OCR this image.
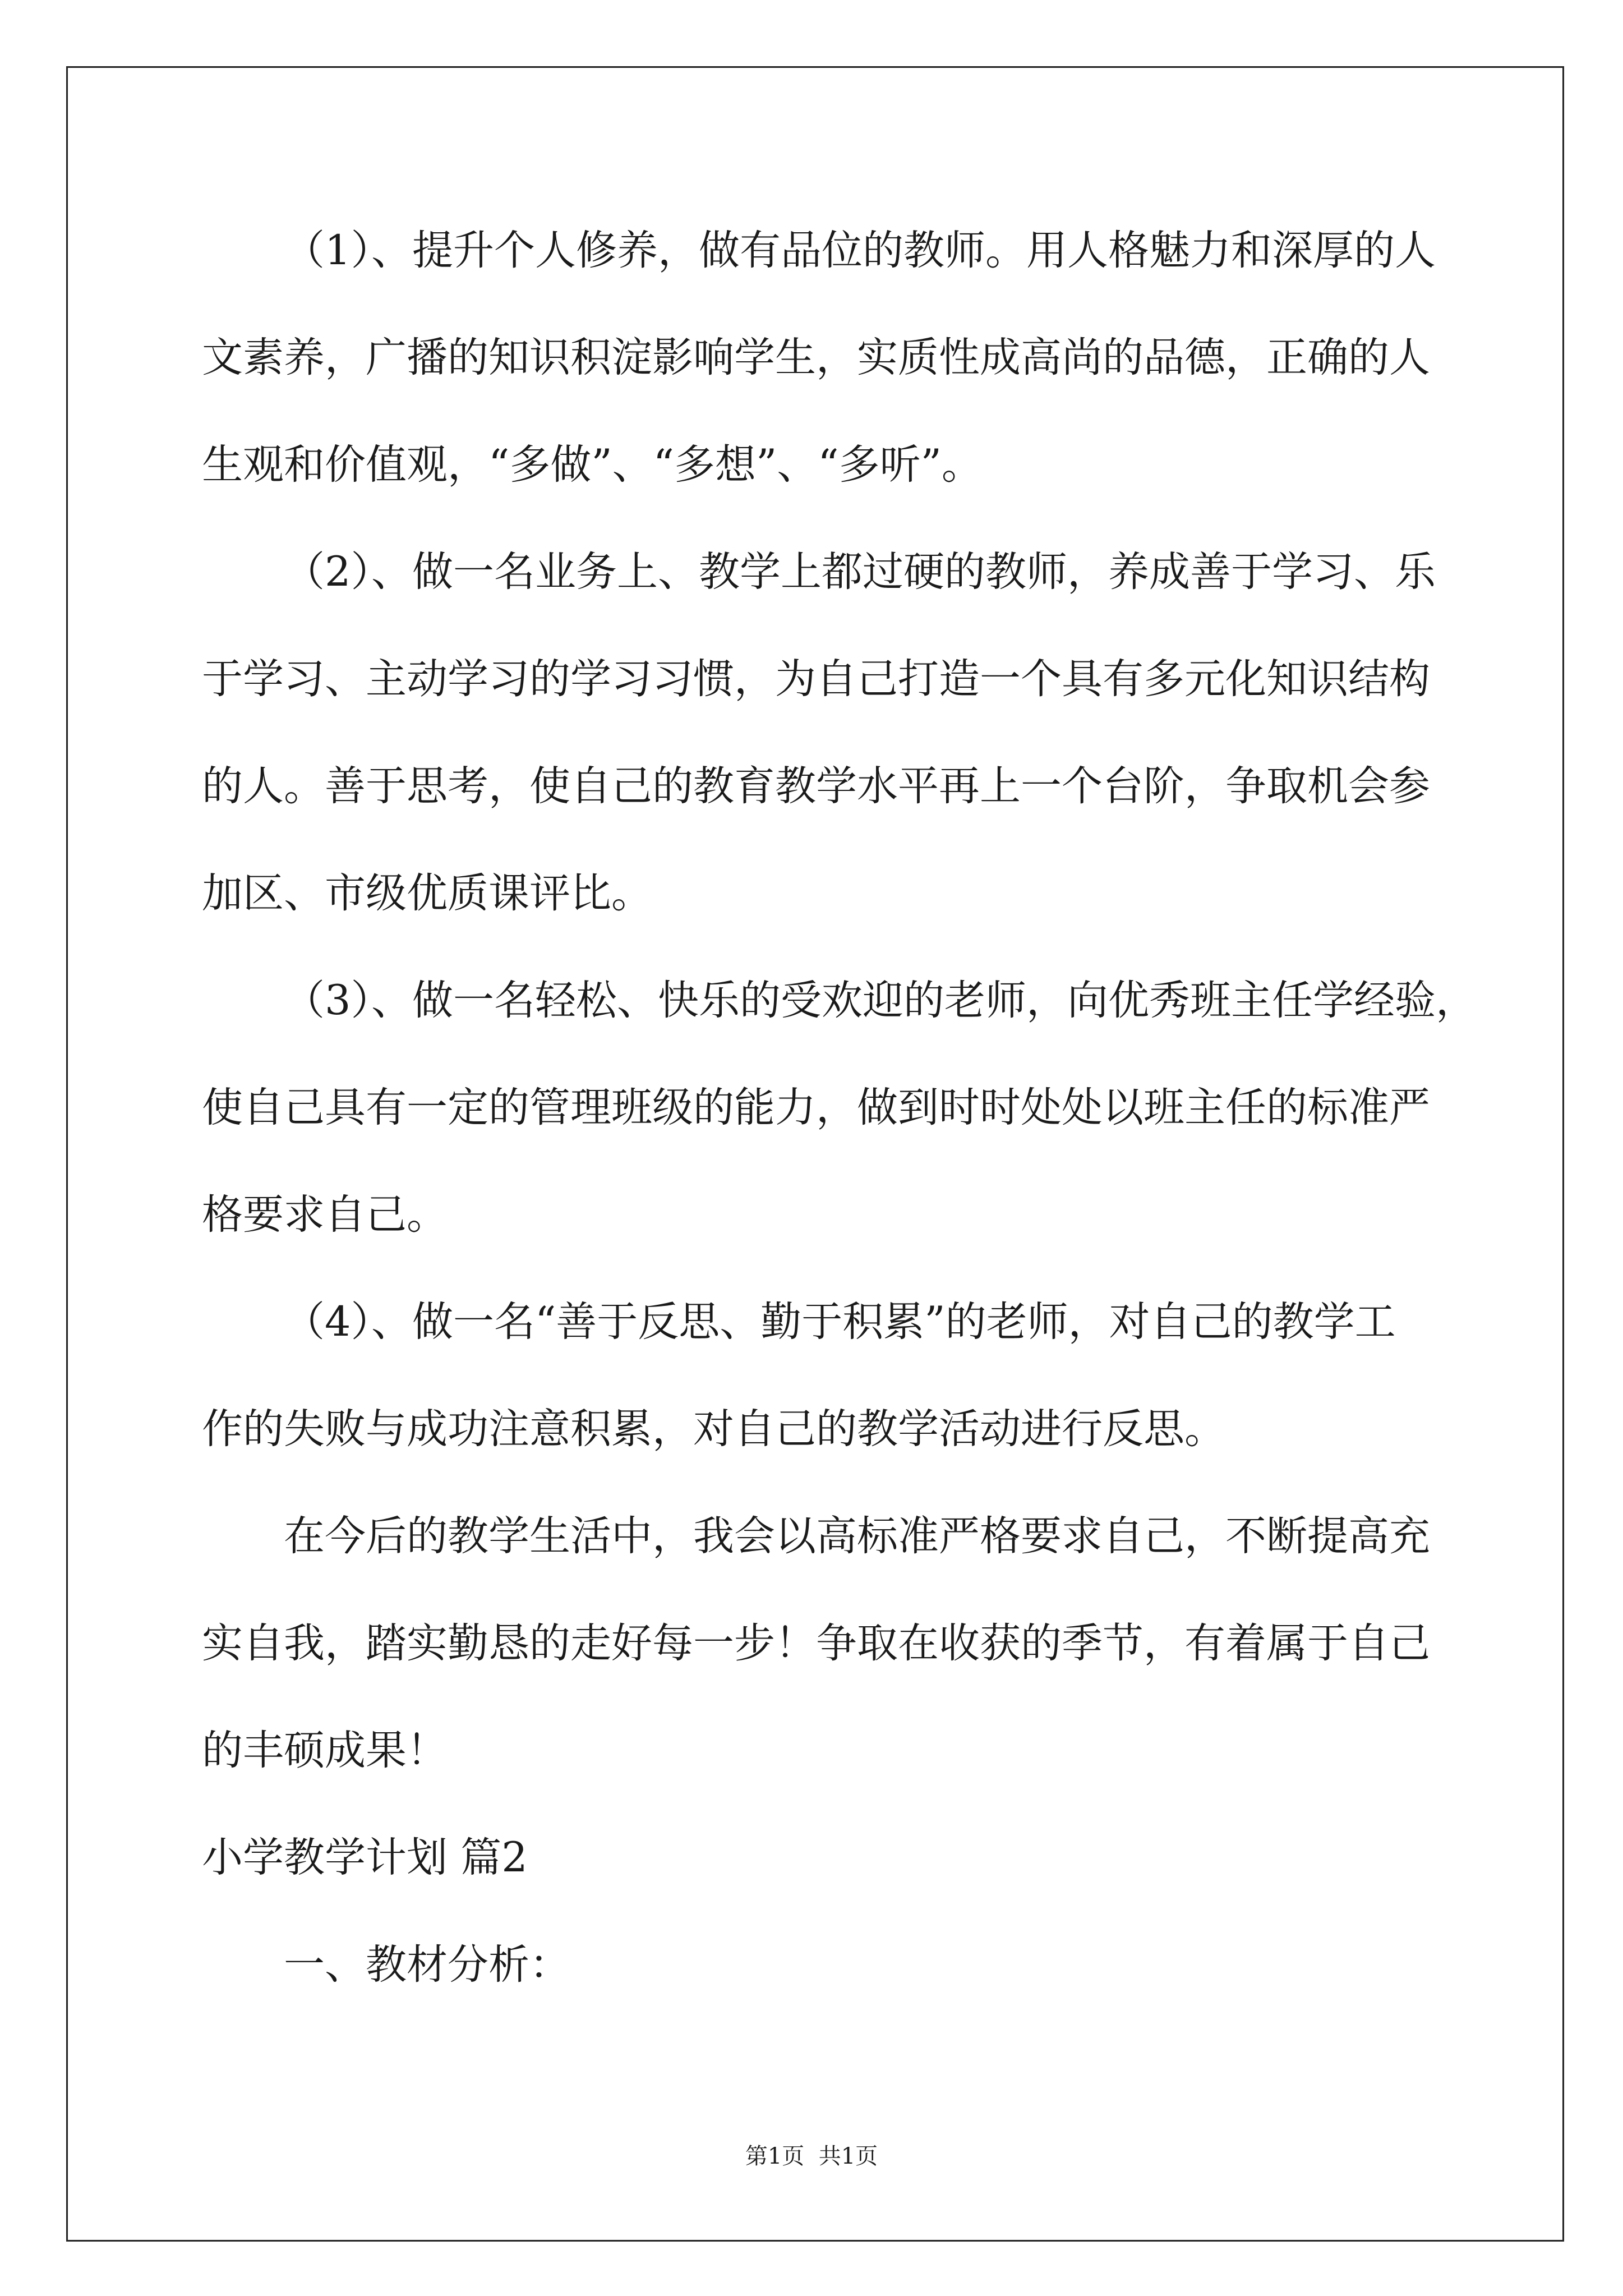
（1）、提升个人修养，做有品位的教师。用人格魅力和深厚的人
文素养，广播的知识积淀影响学生，实质性成高尚的品德，正确的人
生观和价值观，“多做”、“多想”、“多听”。
（2）、做一名业务上、教学上都过硬的教师，养成善于学习、乐
于学习、主动学习的学习习惯，为自己打造一个具有多元化知识结构
的人。善于思考，使自己的教育教学水平再上一个台阶，争取机会参
加区、市级优质课评比。
（3）、做一名轻松、快乐的受欢迎的老师，向优秀班主任学经验，
使自己具有一定的管理班级的能力，做到时时处处以班主任的标准严
格要求自己。
（4）、做一名“善于反思、勤于积累”的老师，对自己的教学工
作的失败与成功注意积累，对自己的教学活动进行反思。
在今后的教学生活中，我会以高标准严格要求自己，不断提高充
实自我，踏实勤恳的走好每一步！争取在收获的季节，有着属于自己
的丰硕成果！
小学教学计划 篇2
一、教材分析：
第1页  共1页
